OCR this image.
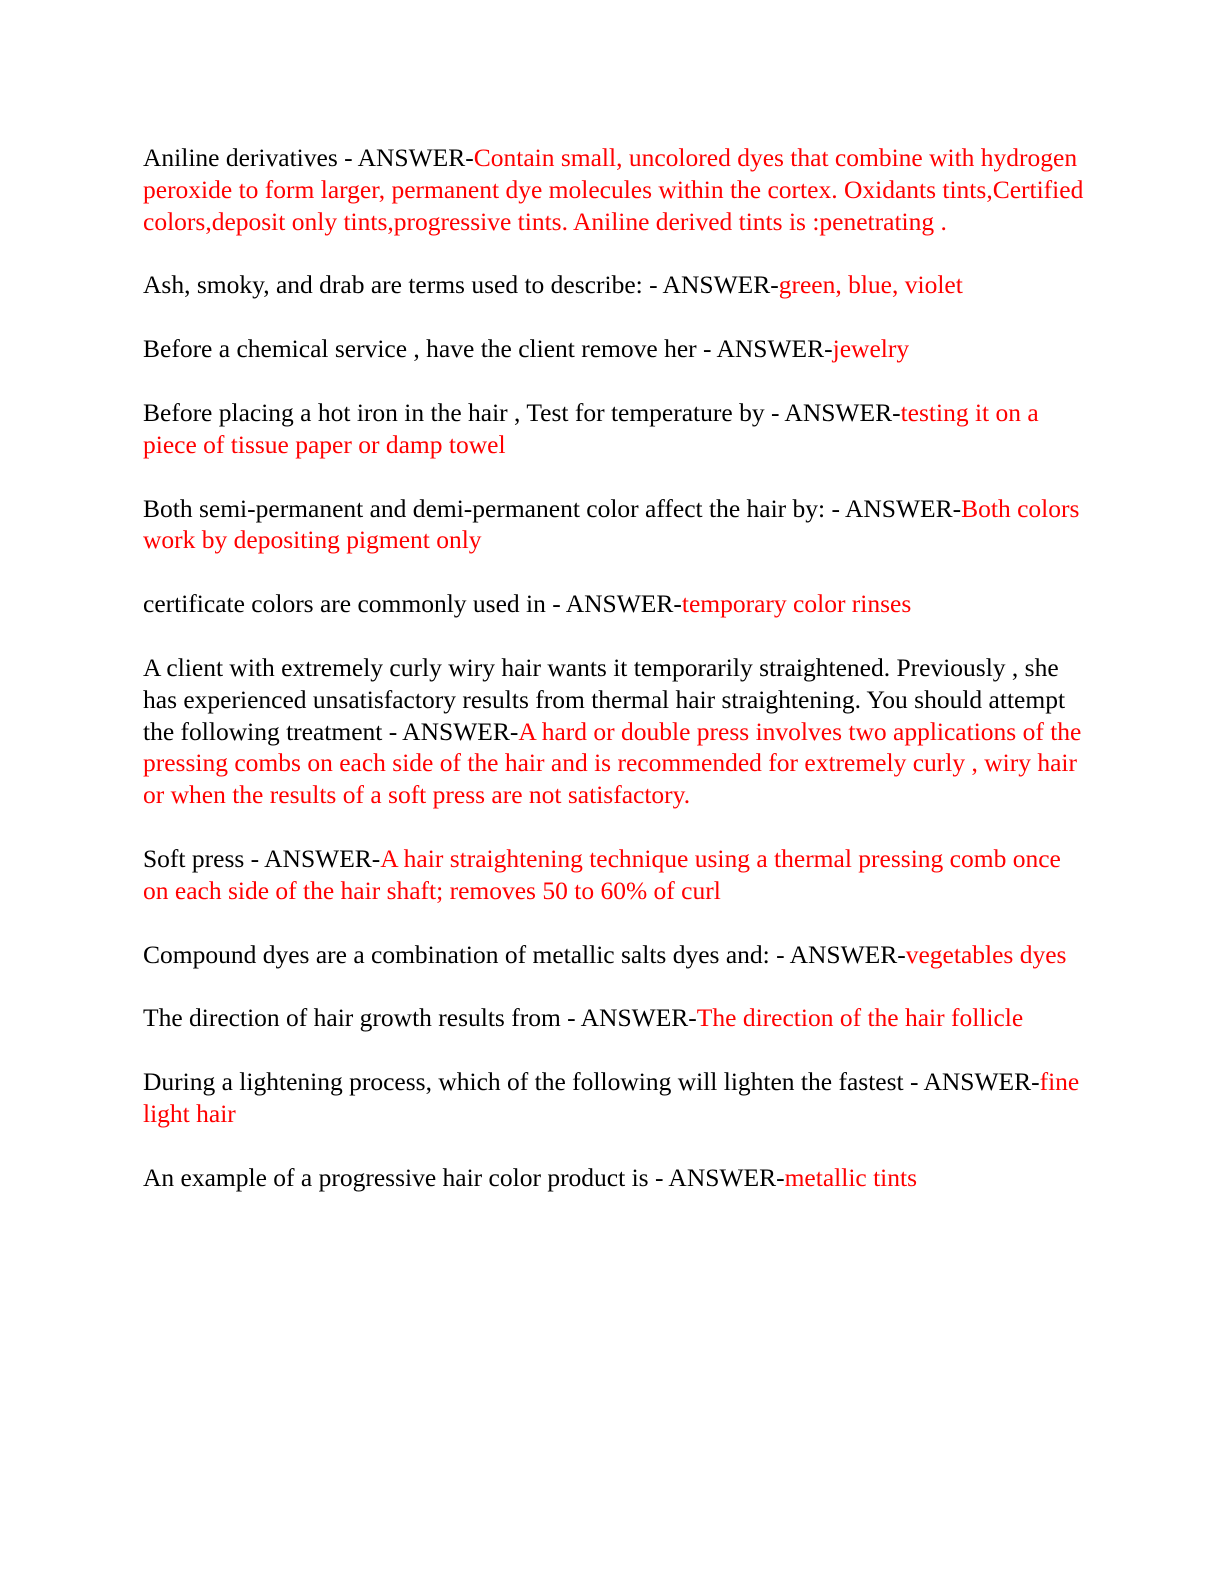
Aniline derivatives - ANSWER-Contain small, uncolored dyes that combine with hydrogen peroxide to form larger, permanent dye molecules within the cortex. Oxidants tints,Certified colors,deposit only tints,progressive tints. Aniline derived tints is :penetrating .

Ash, smoky, and drab are terms used to describe: - ANSWER-green, blue, violet

Before a chemical service , have the client remove her - ANSWER-jewelry

Before placing a hot iron in the hair , Test for temperature by - ANSWER-testing it on a piece of tissue paper or damp towel

Both semi-permanent and demi-permanent color affect the hair by: - ANSWER-Both colors work by depositing pigment only

certificate colors are commonly used in - ANSWER-temporary color rinses

A client with extremely curly wiry hair wants it temporarily straightened. Previously , she has experienced unsatisfactory results from thermal hair straightening. You should attempt the following treatment - ANSWER-A hard or double press involves two applications of the pressing combs on each side of the hair and is recommended for extremely curly , wiry hair or when the results of a soft press are not satisfactory.

Soft press - ANSWER-A hair straightening technique using a thermal pressing comb once on each side of the hair shaft; removes 50 to 60% of curl

Compound dyes are a combination of metallic salts dyes and: - ANSWER-vegetables dyes

The direction of hair growth results from - ANSWER-The direction of the hair follicle

During a lightening process, which of the following will lighten the fastest - ANSWER-fine light hair

An example of a progressive hair color product is - ANSWER-metallic tints
